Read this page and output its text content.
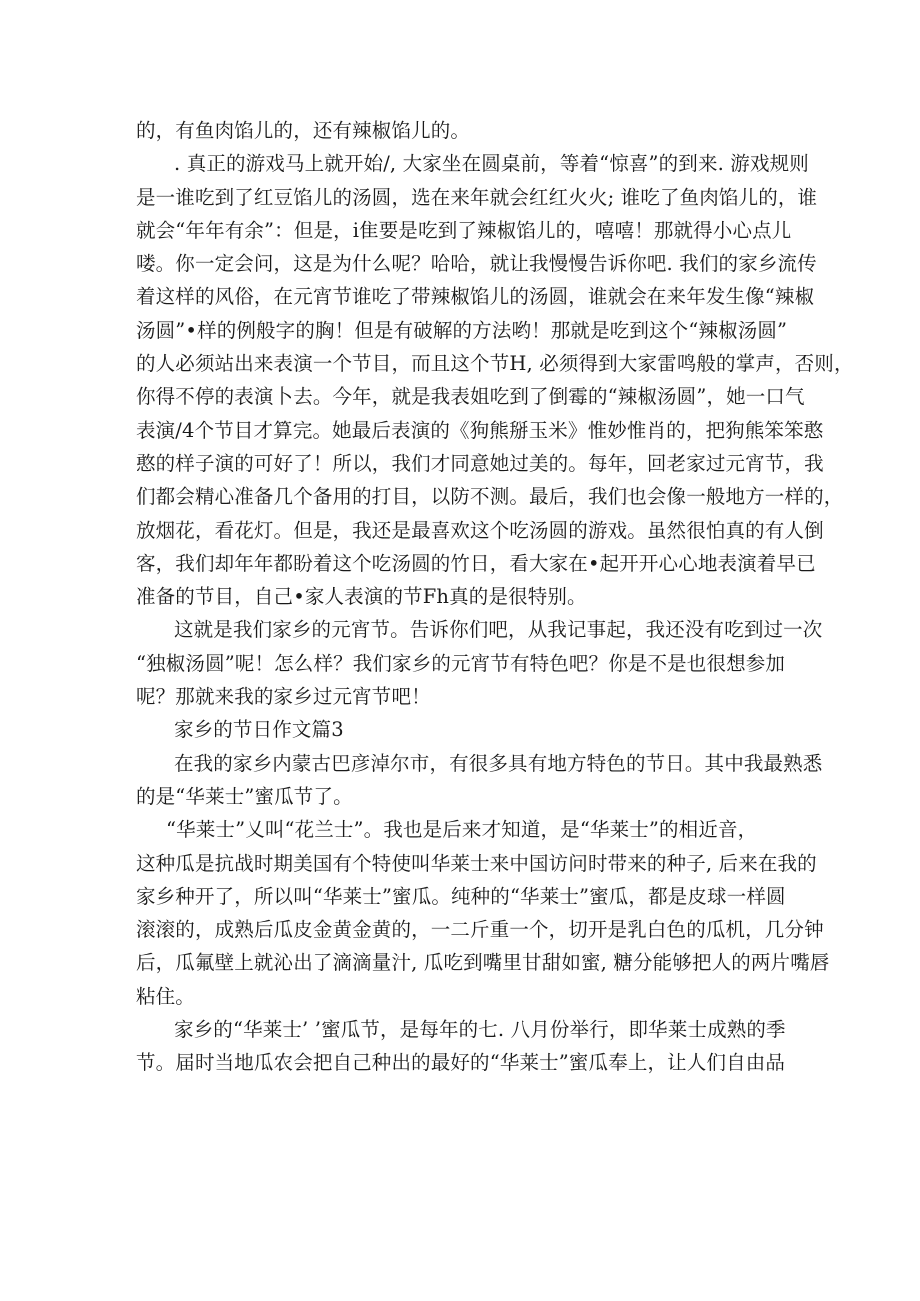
的，有鱼肉馅儿的，还有辣椒馅儿的。
. 真正的游戏马上就开始/, 大家坐在圆桌前，等着“惊喜”的到来. 游戏规则
是一谁吃到了红豆馅儿的汤圆，选在来年就会红红火火; 谁吃了鱼肉馅儿的，谁
就会“年年有余”：但是，i隹要是吃到了辣椒馅儿的，嘻嘻！那就得小心点儿
喽。你一定会问，这是为什么呢？哈哈，就让我慢慢告诉你吧. 我们的家乡流传
着这样的风俗，在元宵节谁吃了带辣椒馅儿的汤圆，谁就会在来年发生像“辣椒
汤圆”•样的例般字的胸！但是有破解的方法哟！那就是吃到这个“辣椒汤圆”
的人必须站出来表演一个节目，而且这个节H, 必须得到大家雷鸣般的掌声，否则，
你得不停的表演卜去。今年，就是我表姐吃到了倒霉的“辣椒汤圆”，她一口气
表演/4个节目才算完。她最后表演的《狗熊掰玉米》惟妙惟肖的，把狗熊笨笨憨
憨的样子演的可好了！所以，我们才同意她过美的。每年，回老家过元宵节，我
们都会精心准备几个备用的打目，以防不测。最后，我们也会像一般地方一样的，
放烟花，看花灯。但是，我还是最喜欢这个吃汤圆的游戏。虽然很怕真的有人倒
客，我们却年年都盼着这个吃汤圆的竹日，看大家在•起开开心心地表演着早已
准备的节目，自己•家人表演的节Fh真的是很特别。
这就是我们家乡的元宵节。告诉你们吧，从我记事起，我还没有吃到过一次
“独椒汤圆”呢！怎么样？我们家乡的元宵节有特色吧？你是不是也很想参加
呢？那就来我的家乡过元宵节吧！
家乡的节日作文篇3
在我的家乡内蒙古巴彦淖尔市，有很多具有地方特色的节日。其中我最熟悉
的是“华莱士”蜜瓜节了。
“华莱士”乂叫“花兰士”。我也是后来才知道，是“华莱士”的相近音，
这种瓜是抗战时期美国有个特使叫华莱士来中国访问时带来的种子, 后来在我的
家乡种开了，所以叫“华莱士”蜜瓜。纯种的“华莱士”蜜瓜，都是皮球一样圆
滚滚的，成熟后瓜皮金黄金黄的，一二斤重一个，切开是乳白色的瓜机，几分钟
后，瓜氟壁上就沁出了滴滴量汁, 瓜吃到嘴里甘甜如蜜, 糖分能够把人的两片嘴唇
粘住。
家乡的“华莱士’ ’蜜瓜节，是每年的七. 八月份举行，即华莱士成熟的季
节。届时当地瓜农会把自己种出的最好的“华莱士”蜜瓜奉上，让人们自由品
